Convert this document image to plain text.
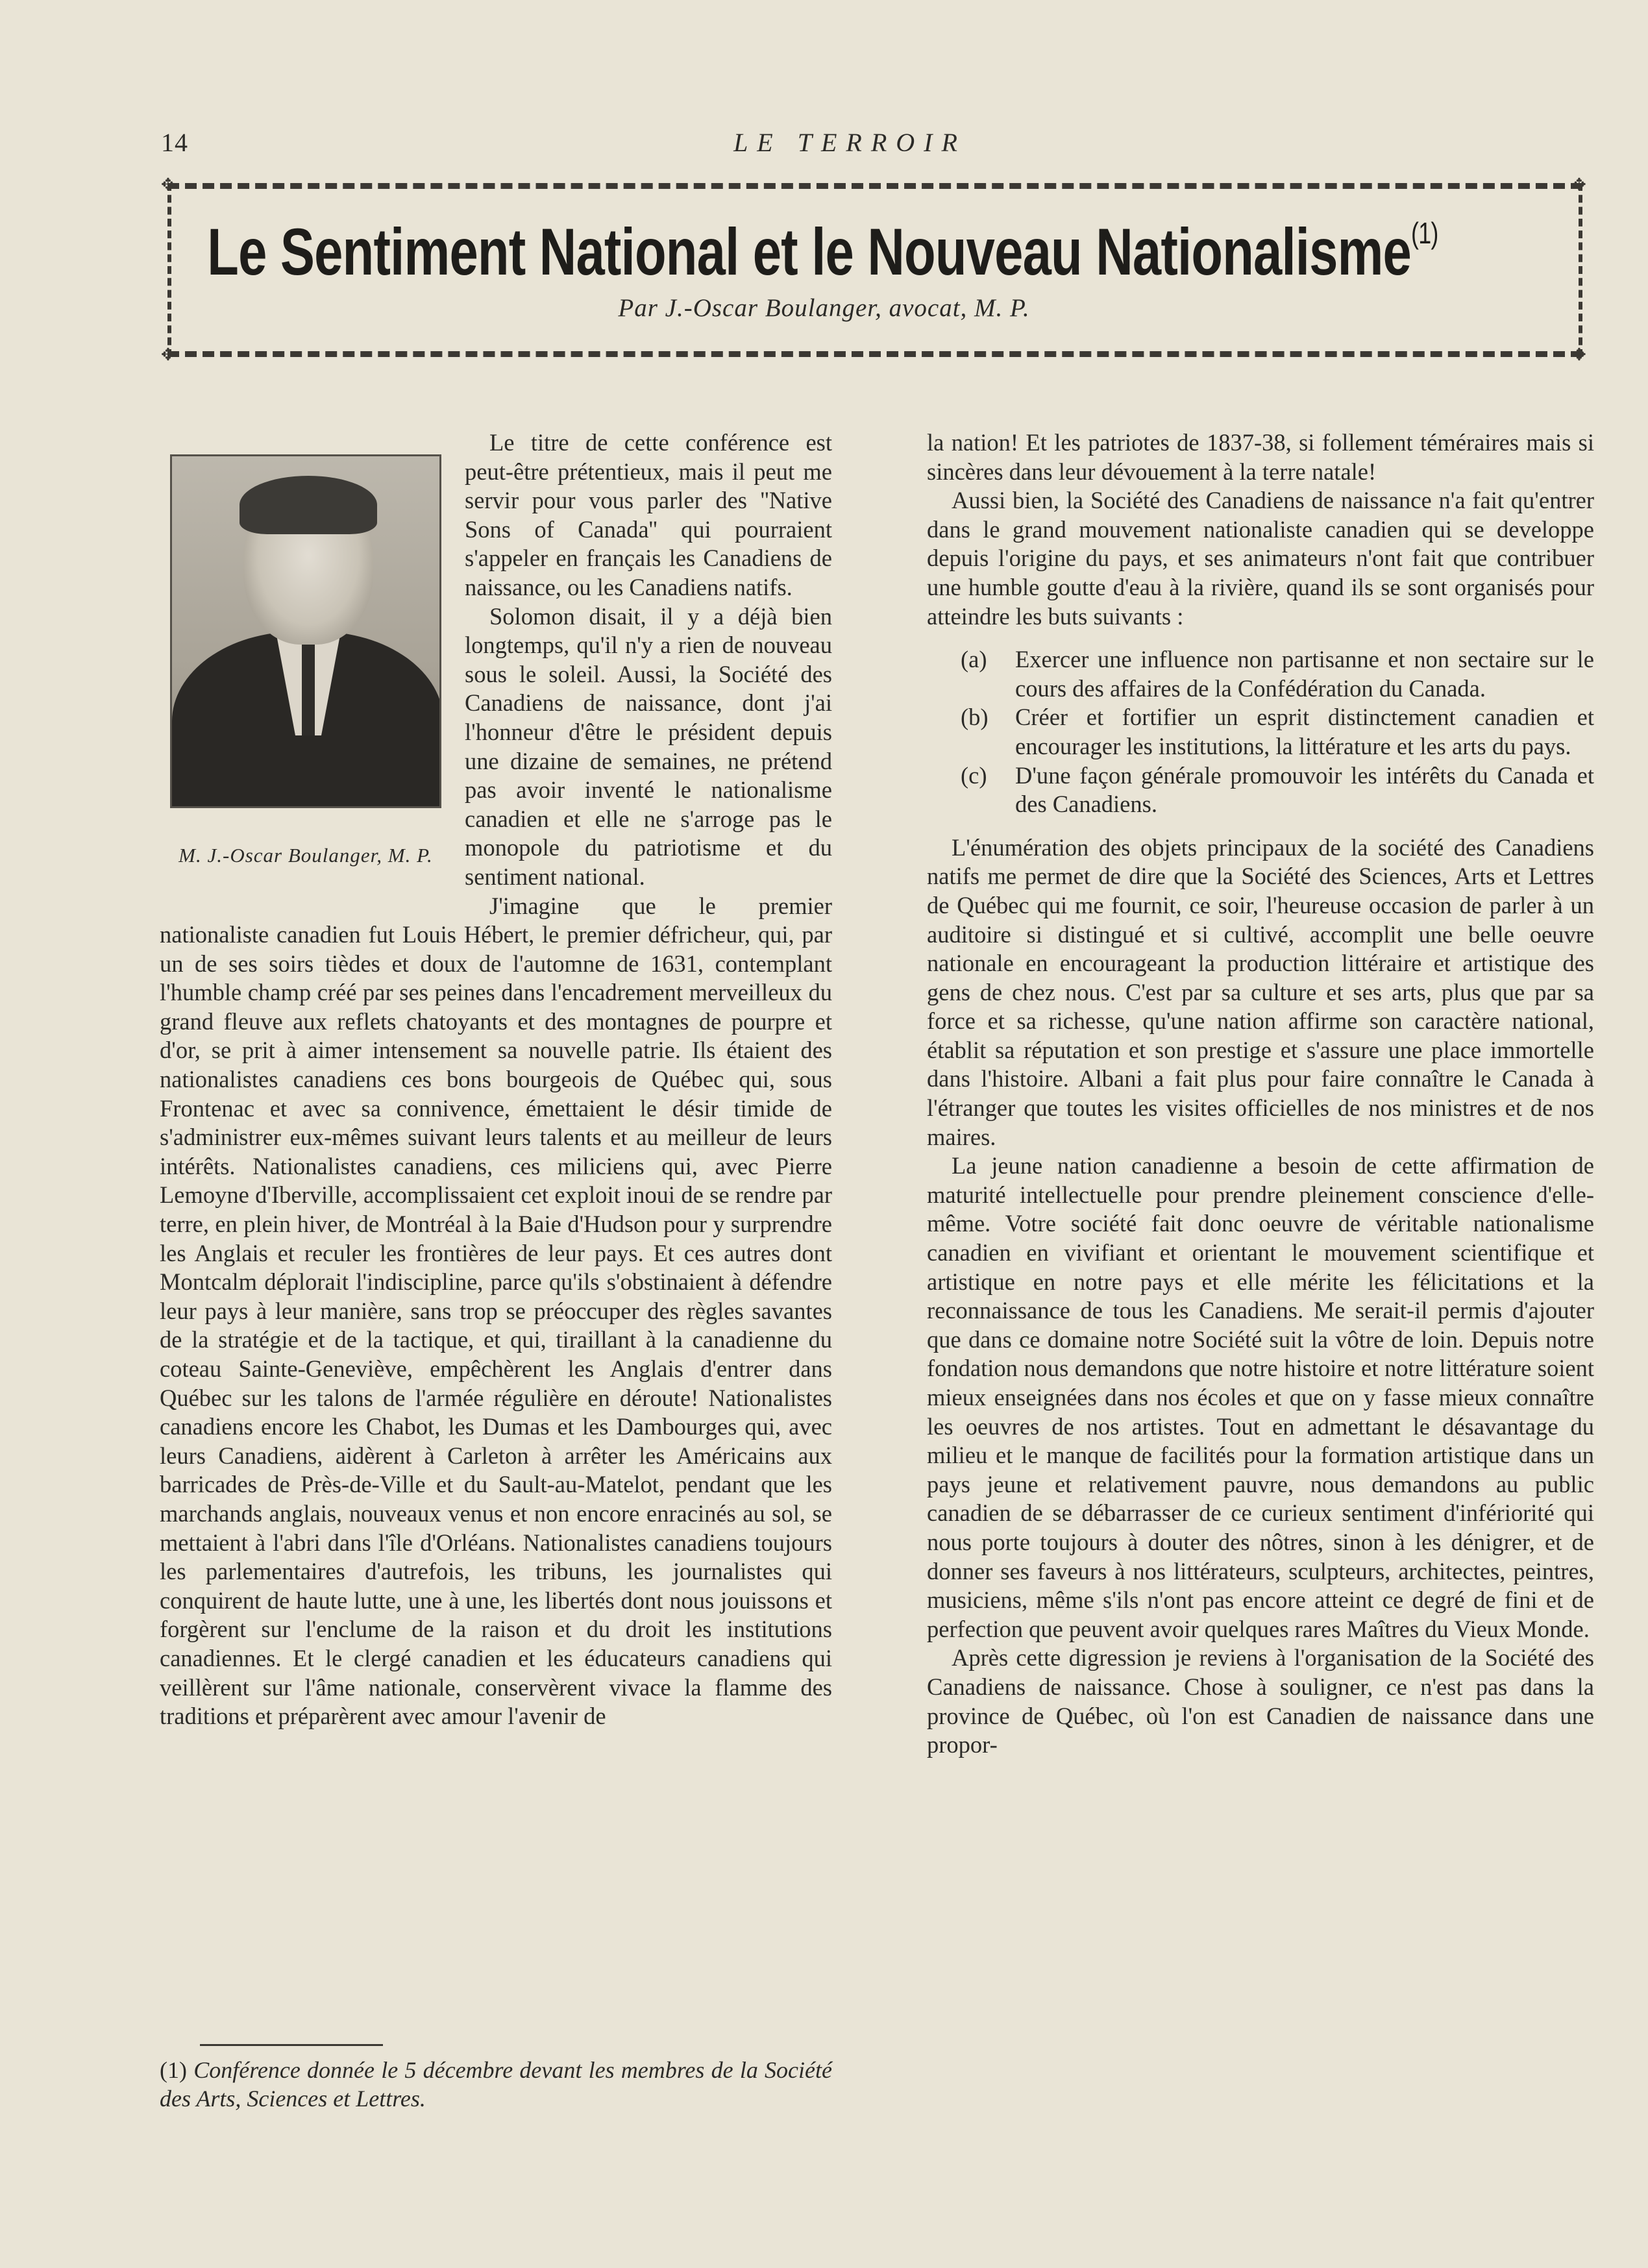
14	LE TERROIR
✥	✥
✥	✥
Le Sentiment National et le Nouveau Nationalisme$^{(1)}$
Par J.-Oscar Boulanger, avocat, M. P.
M. J.-Oscar Boulanger, M. P.

Le titre de cette conférence est peut-être prétentieux, mais il peut me servir pour vous parler des ''Native Sons of Canada'' qui pourraient s'appeler en français les Canadiens de naissance, ou les Canadiens natifs.

Solomon disait, il y a déjà bien longtemps, qu'il n'y a rien de nouveau sous le soleil. Aussi, la Société des Canadiens de naissance, dont j'ai l'honneur d'être le président depuis une dizaine de semaines, ne prétend pas avoir inventé le nationalisme canadien et elle ne s'arroge pas le monopole du patriotisme et du sentiment national.

J'imagine que le premier nationaliste canadien fut Louis Hébert, le premier défricheur, qui, par un de ses soirs tièdes et doux de l'automne de 1631, contemplant l'humble champ créé par ses peines dans l'encadrement merveilleux du grand fleuve aux reflets chatoyants et des montagnes de pourpre et d'or, se prit à aimer intensement sa nouvelle patrie. Ils étaient des nationalistes canadiens ces bons bourgeois de Québec qui, sous Frontenac et avec sa connivence, émettaient le désir timide de s'administrer eux-mêmes suivant leurs talents et au meilleur de leurs intérêts. Nationalistes canadiens, ces miliciens qui, avec Pierre Lemoyne d'Iberville, accomplissaient cet exploit inoui de se rendre par terre, en plein hiver, de Montréal à la Baie d'Hudson pour y surprendre les Anglais et reculer les frontières de leur pays. Et ces autres dont Montcalm déplorait l'indiscipline, parce qu'ils s'obstinaient à défendre leur pays à leur manière, sans trop se préoccuper des règles savantes de la stratégie et de la tactique, et qui, tiraillant à la canadienne du coteau Sainte-Geneviève, empêchèrent les Anglais d'entrer dans Québec sur les talons de l'armée régulière en déroute! Nationalistes canadiens encore les Chabot, les Dumas et les Dambourges qui, avec leurs Canadiens, aidèrent à Carleton à arrêter les Américains aux barricades de Près-de-Ville et du Sault-au-Matelot, pendant que les marchands anglais, nouveaux venus et non encore enracinés au sol, se mettaient à l'abri dans l'île d'Orléans. Nationalistes canadiens toujours les parlementaires d'autrefois, les tribuns, les journalistes qui conquirent de haute lutte, une à une, les libertés dont nous jouissons et forgèrent sur l'enclume de la raison et du droit les institutions canadiennes. Et le clergé canadien et les éducateurs canadiens qui veillèrent sur l'âme nationale, conservèrent vivace la flamme des traditions et préparèrent avec amour l'avenir de

la nation! Et les patriotes de 1837-38, si follement téméraires mais si sincères dans leur dévouement à la terre natale!

Aussi bien, la Société des Canadiens de naissance n'a fait qu'entrer dans le grand mouvement nationaliste canadien qui se developpe depuis l'origine du pays, et ses animateurs n'ont fait que contribuer une humble goutte d'eau à la rivière, quand ils se sont organisés pour atteindre les buts suivants :

(a)	Exercer une influence non partisanne et non sectaire sur le cours des affaires de la Confédération du Canada.
(b)	Créer et fortifier un esprit distinctement canadien et encourager les institutions, la littérature et les arts du pays.
(c)	D'une façon générale promouvoir les intérêts du Canada et des Canadiens.

L'énumération des objets principaux de la société des Canadiens natifs me permet de dire que la Société des Sciences, Arts et Lettres de Québec qui me fournit, ce soir, l'heureuse occasion de parler à un auditoire si distingué et si cultivé, accomplit une belle oeuvre nationale en encourageant la production littéraire et artistique des gens de chez nous. C'est par sa culture et ses arts, plus que par sa force et sa richesse, qu'une nation affirme son caractère national, établit sa réputation et son prestige et s'assure une place immortelle dans l'histoire. Albani a fait plus pour faire connaître le Canada à l'étranger que toutes les visites officielles de nos ministres et de nos maires.

La jeune nation canadienne a besoin de cette affirmation de maturité intellectuelle pour prendre pleinement conscience d'elle-même. Votre société fait donc oeuvre de véritable nationalisme canadien en vivifiant et orientant le mouvement scientifique et artistique en notre pays et elle mérite les félicitations et la reconnaissance de tous les Canadiens. Me serait-il permis d'ajouter que dans ce domaine notre Société suit la vôtre de loin. Depuis notre fondation nous demandons que notre histoire et notre littérature soient mieux enseignées dans nos écoles et que on y fasse mieux connaître les oeuvres de nos artistes. Tout en admettant le désavantage du milieu et le manque de facilités pour la formation artistique dans un pays jeune et relativement pauvre, nous demandons au public canadien de se débarrasser de ce curieux sentiment d'infériorité qui nous porte toujours à douter des nôtres, sinon à les dénigrer, et de donner ses faveurs à nos littérateurs, sculpteurs, architectes, peintres, musiciens, même s'ils n'ont pas encore atteint ce degré de fini et de perfection que peuvent avoir quelques rares Maîtres du Vieux Monde.

Après cette digression je reviens à l'organisation de la Société des Canadiens de naissance. Chose à souligner, ce n'est pas dans la province de Québec, où l'on est Canadien de naissance dans une propor-

(1) Conférence donnée le 5 décembre devant les membres de la Société des Arts, Sciences et Lettres.
